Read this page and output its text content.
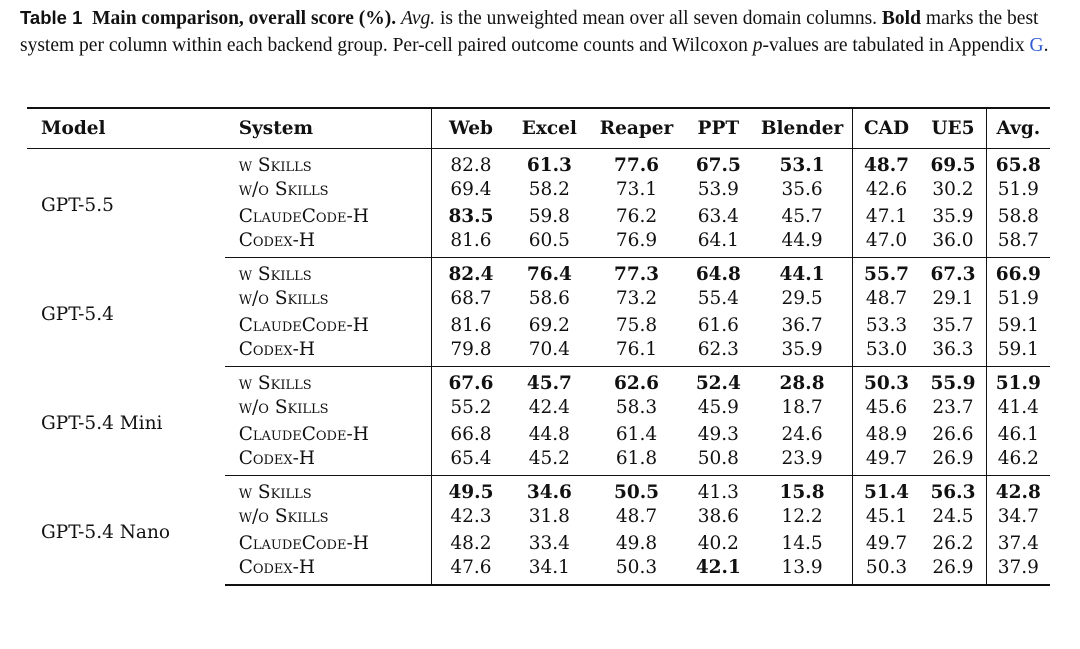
Table 1 Main comparison, overall score (%). Avg. is the unweighted mean over all seven domain columns. Bold marks the best system per column within each backend group. Per-cell paired outcome counts and Wilcoxon p-values are tabulated in Appendix G.
Model	System	Web	Excel	Reaper	PPT	Blender	CAD	UE5	Avg.
GPT-5.5	w Skills	82.8	61.3	77.6	67.5	53.1	48.7	69.5	65.8
	w/o Skills	69.4	58.2	73.1	53.9	35.6	42.6	30.2	51.9
	ClaudeCode-H	83.5	59.8	76.2	63.4	45.7	47.1	35.9	58.8
	Codex-H	81.6	60.5	76.9	64.1	44.9	47.0	36.0	58.7
GPT-5.4	w Skills	82.4	76.4	77.3	64.8	44.1	55.7	67.3	66.9
	w/o Skills	68.7	58.6	73.2	55.4	29.5	48.7	29.1	51.9
	ClaudeCode-H	81.6	69.2	75.8	61.6	36.7	53.3	35.7	59.1
	Codex-H	79.8	70.4	76.1	62.3	35.9	53.0	36.3	59.1
GPT-5.4 Mini	w Skills	67.6	45.7	62.6	52.4	28.8	50.3	55.9	51.9
	w/o Skills	55.2	42.4	58.3	45.9	18.7	45.6	23.7	41.4
	ClaudeCode-H	66.8	44.8	61.4	49.3	24.6	48.9	26.6	46.1
	Codex-H	65.4	45.2	61.8	50.8	23.9	49.7	26.9	46.2
GPT-5.4 Nano	w Skills	49.5	34.6	50.5	41.3	15.8	51.4	56.3	42.8
	w/o Skills	42.3	31.8	48.7	38.6	12.2	45.1	24.5	34.7
	ClaudeCode-H	48.2	33.4	49.8	40.2	14.5	49.7	26.2	37.4
	Codex-H	47.6	34.1	50.3	42.1	13.9	50.3	26.9	37.9
